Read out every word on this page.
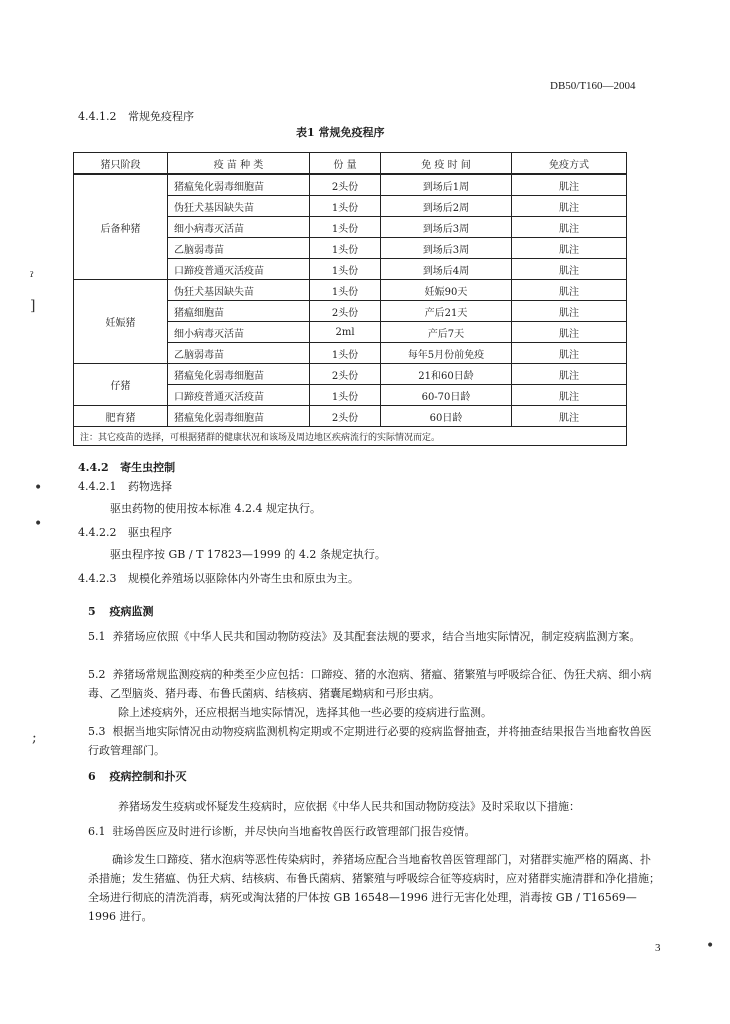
DB50/T160—2004
4.4.1.2 常规免疫程序
表1 常规免疫程序
猪只阶段	疫 苗 种 类	份 量	免 疫 时 间	免疫方式
后备种猪	猪瘟兔化弱毒细胞苗	2头份	到场后1周	肌注
	伪狂犬基因缺失苗	1头份	到场后2周	肌注
	细小病毒灭活苗	1头份	到场后3周	肌注
	乙脑弱毒苗	1头份	到场后3周	肌注
	口蹄疫普通灭活疫苗	1头份	到场后4周	肌注
妊娠猪	伪狂犬基因缺失苗	1头份	妊娠90天	肌注
	猪瘟细胞苗	2头份	产后21天	肌注
	细小病毒灭活苗	2ml	产后7天	肌注
	乙脑弱毒苗	1头份	每年5月份前免疫	肌注
仔猪	猪瘟兔化弱毒细胞苗	2头份	21和60日龄	肌注
	口蹄疫普通灭活疫苗	1头份	60-70日龄	肌注
肥育猪	猪瘟兔化弱毒细胞苗	2头份	60日龄	肌注
注：其它疫苗的选择，可根据猪群的健康状况和该场及周边地区疾病流行的实际情况而定。				
4.4.2 寄生虫控制
4.4.2.1 药物选择
驱虫药物的使用按本标准 4.2.4 规定执行。
4.4.2.2 驱虫程序
驱虫程序按 GB / T 17823—1999 的 4.2 条规定执行。
4.4.2.3 规模化养殖场以驱除体内外寄生虫和原虫为主。
5 疫病监测
5.1 养猪场应依照《中华人民共和国动物防疫法》及其配套法规的要求，结合当地实际情况，制定疫病监测方案。
5.2 养猪场常规监测疫病的种类至少应包括：口蹄疫、猪的水泡病、猪瘟、猪繁殖与呼吸综合征、伪狂犬病、细小病毒、乙型脑炎、猪丹毒、布鲁氏菌病、结核病、猪囊尾蚴病和弓形虫病。
除上述疫病外，还应根据当地实际情况，选择其他一些必要的疫病进行监测。
5.3 根据当地实际情况由动物疫病监测机构定期或不定期进行必要的疫病监督抽查，并将抽查结果报告当地畜牧兽医行政管理部门。
6 疫病控制和扑灭
养猪场发生疫病或怀疑发生疫病时，应依据《中华人民共和国动物防疫法》及时采取以下措施：
6.1 驻场兽医应及时进行诊断，并尽快向当地畜牧兽医行政管理部门报告疫情。
确诊发生口蹄疫、猪水泡病等恶性传染病时，养猪场应配合当地畜牧兽医管理部门，对猪群实施严格的隔离、扑杀措施；发生猪瘟、伪狂犬病、结核病、布鲁氏菌病、猪繁殖与呼吸综合征等疫病时，应对猪群实施清群和净化措施；全场进行彻底的清洗消毒，病死或淘汰猪的尸体按 GB 16548—1996 进行无害化处理，消毒按 GB / T16569—1996 进行。
3
ˀ
]
•
•
;
•
